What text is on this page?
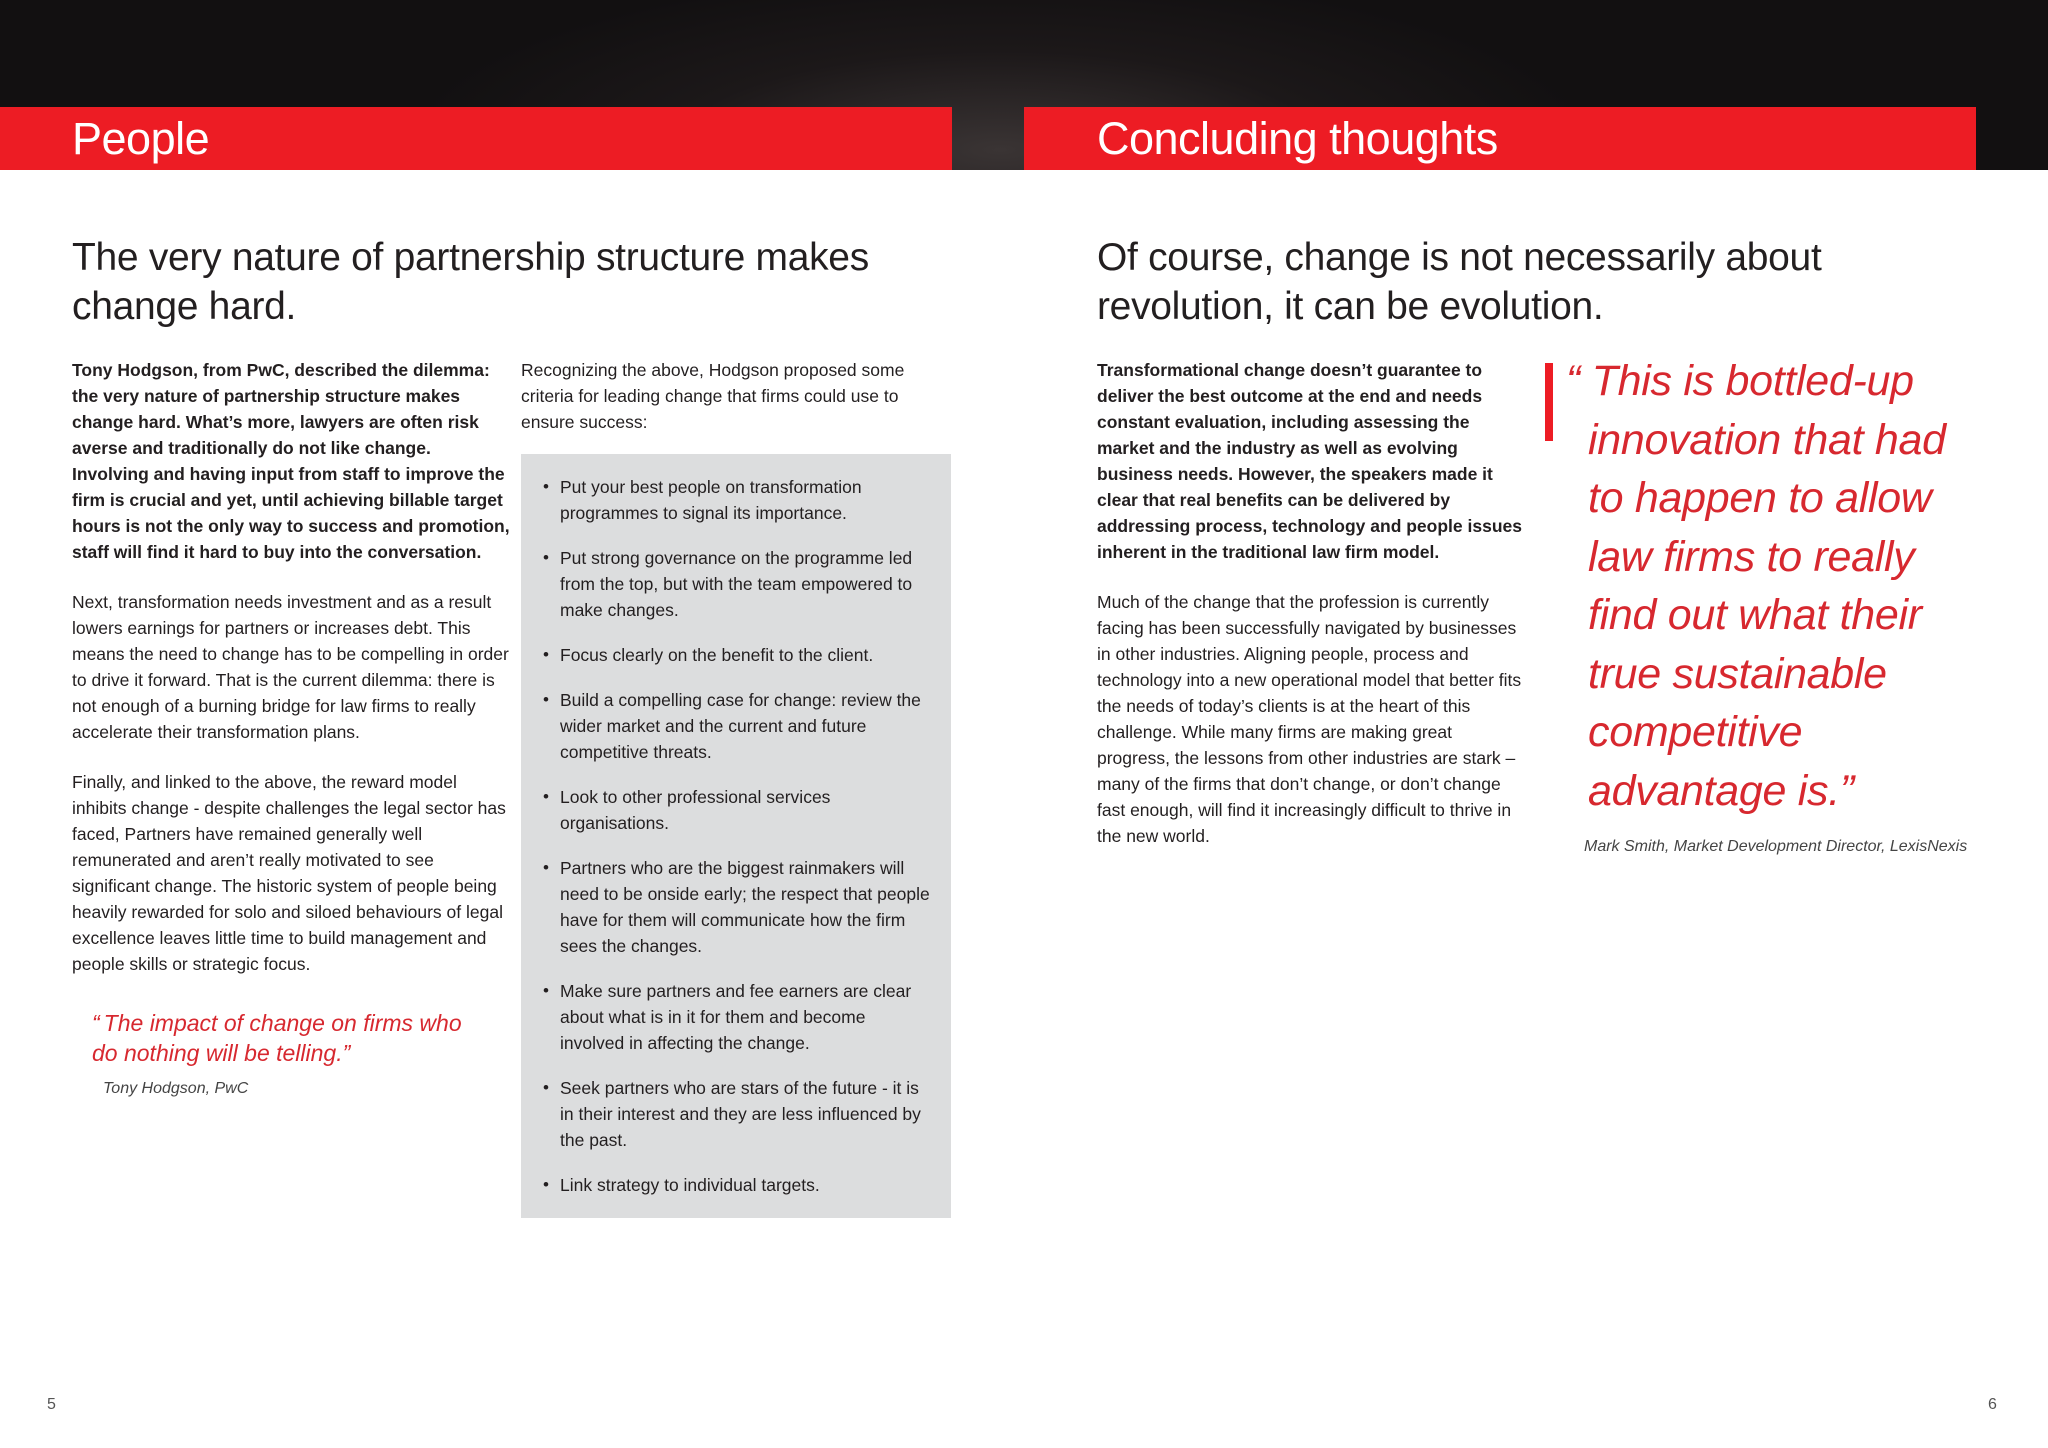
People
The very nature of partnership structure makes change hard.

Tony Hodgson, from PwC, described the dilemma: the very nature of partnership structure makes change hard. What’s more, lawyers are often risk averse and traditionally do not like change. Involving and having input from staff to improve the firm is crucial and yet, until achieving billable target hours is not the only way to success and promotion, staff will find it hard to buy into the conversation.

Next, transformation needs investment and as a result lowers earnings for partners or increases debt. This means the need to change has to be compelling in order to drive it forward. That is the current dilemma: there is not enough of a burning bridge for law firms to really accelerate their transformation plans.

Finally, and linked to the above, the reward model inhibits change - despite challenges the legal sector has faced, Partners have remained generally well remunerated and aren’t really motivated to see significant change. The historic system of people being heavily rewarded for solo and siloed behaviours of legal excellence leaves little time to build management and people skills or strategic focus.

“ The impact of change on firms who do nothing will be telling.”
Tony Hodgson, PwC

Recognizing the above, Hodgson proposed some criteria for leading change that firms could use to ensure success:

• Put your best people on transformation programmes to signal its importance.
• Put strong governance on the programme led from the top, but with the team empowered to make changes.
• Focus clearly on the benefit to the client.
• Build a compelling case for change: review the wider market and the current and future competitive threats.
• Look to other professional services organisations.
• Partners who are the biggest rainmakers will need to be onside early; the respect that people have for them will communicate how the firm sees the changes.
• Make sure partners and fee earners are clear about what is in it for them and become involved in affecting the change.
• Seek partners who are stars of the future - it is in their interest and they are less influenced by the past.
• Link strategy to individual targets.
5
Concluding thoughts
Of course, change is not necessarily about revolution, it can be evolution.

Transformational change doesn’t guarantee to deliver the best outcome at the end and needs constant evaluation, including assessing the market and the industry as well as evolving business needs. However, the speakers made it clear that real benefits can be delivered by addressing process, technology and people issues inherent in the traditional law firm model.

Much of the change that the profession is currently facing has been successfully navigated by businesses in other industries. Aligning people, process and technology into a new operational model that better fits the needs of today’s clients is at the heart of this challenge. While many firms are making great progress, the lessons from other industries are stark – many of the firms that don’t change, or don’t change fast enough, will find it increasingly difficult to thrive in the new world.

“ This is bottled-up
innovation that had
to happen to allow
law firms to really
find out what their
true sustainable
competitive
advantage is.”
Mark Smith, Market Development Director, LexisNexis
6
